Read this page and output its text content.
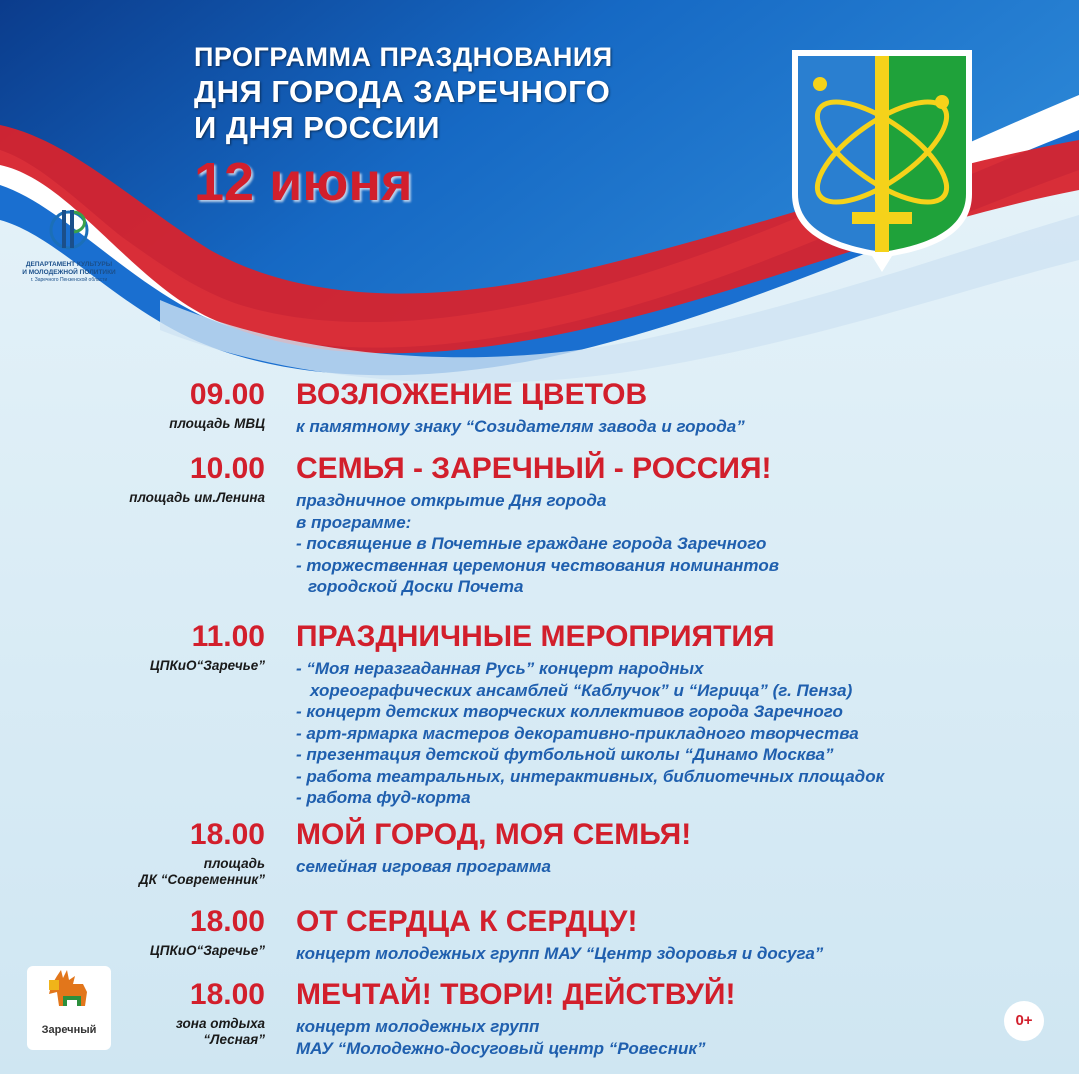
ПРОГРАММА ПРАЗДНОВАНИЯ
ДНЯ ГОРОДА ЗАРЕЧНОГО
И ДНЯ РОССИИ
12 июня
ДЕПАРТАМЕНТ КУЛЬТУРЫ
И МОЛОДЕЖНОЙ ПОЛИТИКИ
г. Заречного Пензенской области
09.00
площадь МВЦ
ВОЗЛОЖЕНИЕ ЦВЕТОВ
к памятному знаку “Созидателям завода и города”
10.00
площадь им.Ленина
СЕМЬЯ - ЗАРЕЧНЫЙ - РОССИЯ!
праздничное открытие Дня города
в программе:
- посвящение в Почетные граждане города Заречного
- торжественная церемония чествования номинантов
городской Доски Почета
11.00
ЦПКиО“Заречье”
ПРАЗДНИЧНЫЕ МЕРОПРИЯТИЯ
- “Моя неразгаданная Русь” концерт народных
хореографических ансамблей “Каблучок” и “Игрица” (г. Пенза)
- концерт детских творческих коллективов города Заречного
- арт-ярмарка мастеров декоративно-прикладного творчества
- презентация детской футбольной школы “Динамо Москва”
- работа театральных, интерактивных, библиотечных площадок
- работа фуд-корта
18.00
площадь
ДК “Современник”
МОЙ ГОРОД, МОЯ СЕМЬЯ!
семейная игровая программа
18.00
ЦПКиО“Заречье”
ОТ СЕРДЦА К СЕРДЦУ!
концерт молодежных групп МАУ “Центр здоровья и досуга”
18.00
зона отдыха
“Лесная”
МЕЧТАЙ! ТВОРИ! ДЕЙСТВУЙ!
концерт молодежных групп
МАУ “Молодежно-досуговый центр “Ровесник”
Заречный
0+
